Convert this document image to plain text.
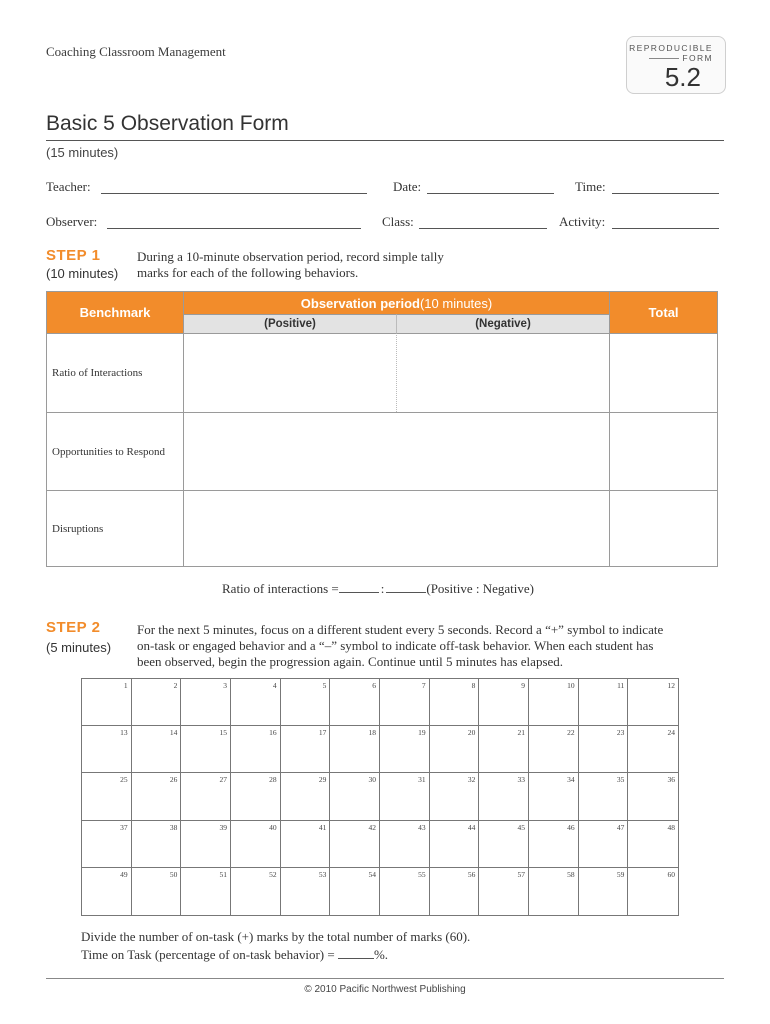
Coaching Classroom Management	REPRODUCIBLE
FORM
5.2
Basic 5 Observation Form
(15 minutes)
Teacher:	Date:	Time:
Observer:	Class:	Activity:
STEP 1
(10 minutes)
During a 10-minute observation period, record simple tally
marks for each of the following behaviors.
Benchmark
Observation period (10 minutes)
(Positive)	(Negative)
Total
Ratio of Interactions
Opportunities to Respond
Disruptions
Ratio of interactions =	:	(Positive : Negative)
STEP 2
(5 minutes)
For the next 5 minutes, focus on a different student every 5 seconds. Record a “+” symbol to indicate
on-task or engaged behavior and a “–” symbol to indicate off-task behavior. When each student has
been observed, begin the progression again. Continue until 5 minutes has elapsed.
1	2	3	4	5	6	7	8	9	10	11	12
13	14	15	16	17	18	19	20	21	22	23	24
25	26	27	28	29	30	31	32	33	34	35	36
37	38	39	40	41	42	43	44	45	46	47	48
49	50	51	52	53	54	55	56	57	58	59	60
Divide the number of on-task (+) marks by the total number of marks (60).
Time on Task (percentage of on-task behavior) =	%.
© 2010 Pacific Northwest Publishing
